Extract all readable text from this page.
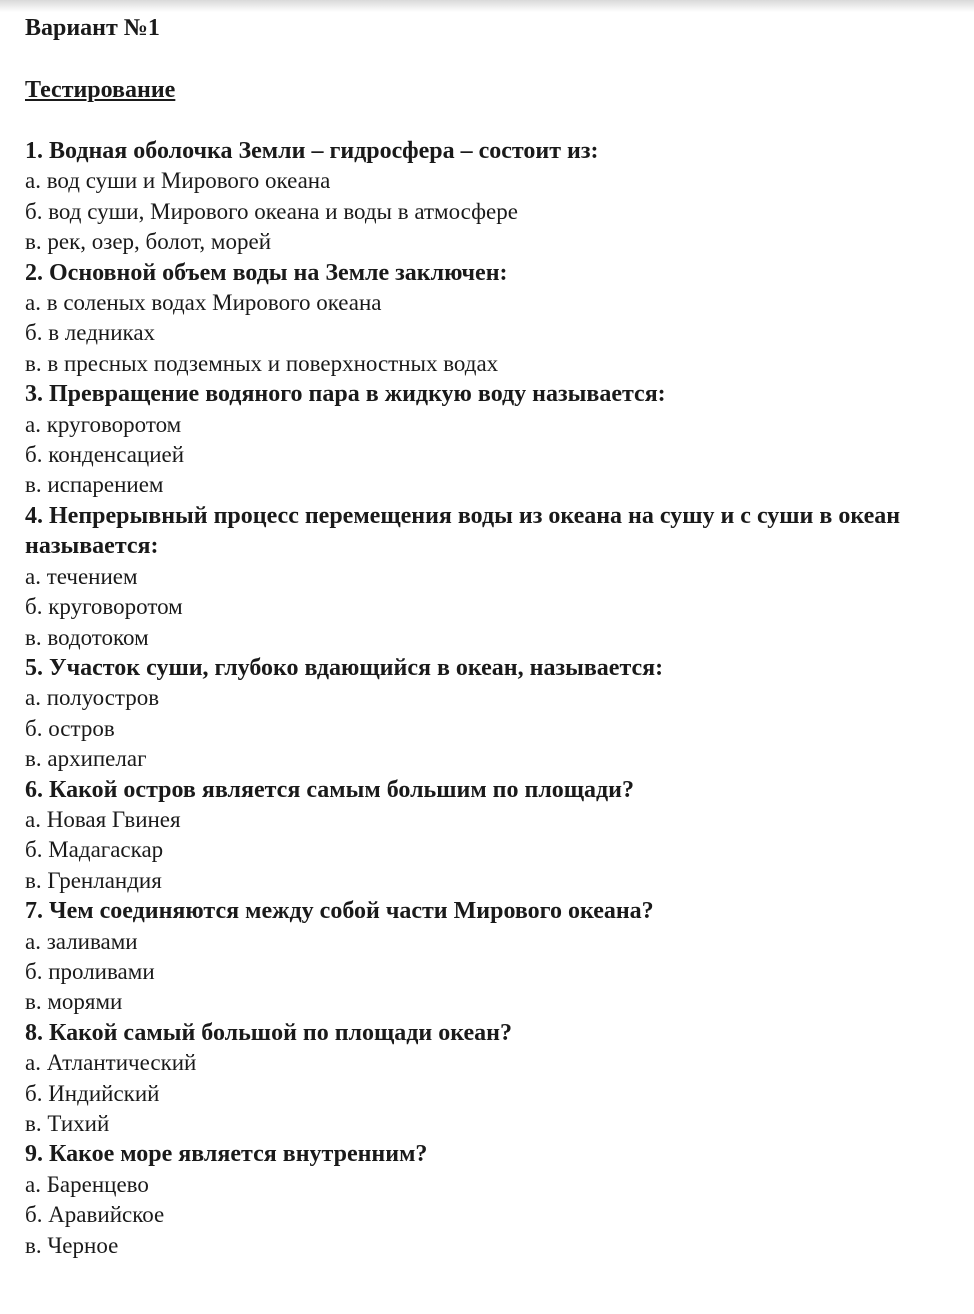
Вариант №1

Тестирование

1. Водная оболочка Земли – гидросфера – состоит из:

а. вод суши и Мирового океана

б. вод суши, Мирового океана и воды в атмосфере

в. рек, озер, болот, морей

2. Основной объем воды на Земле заключен:

а. в соленых водах Мирового океана

б. в ледниках

в. в пресных подземных и поверхностных водах

3. Превращение водяного пара в жидкую воду называется:

а. круговоротом

б. конденсацией

в. испарением

4. Непрерывный процесс перемещения воды из океана на сушу и с суши в океан называется:

а. течением

б. круговоротом

в. водотоком

5. Участок суши, глубоко вдающийся в океан, называется:

а. полуостров

б. остров

в. архипелаг

6. Какой остров является самым большим по площади?

а. Новая Гвинея

б. Мадагаскар

в. Гренландия

7. Чем соединяются между собой части Мирового океана?

а. заливами

б. проливами

в. морями

8. Какой самый большой по площади океан?

а. Атлантический

б. Индийский

в. Тихий

9. Какое море является внутренним?

а. Баренцево

б. Аравийское

в. Черное
